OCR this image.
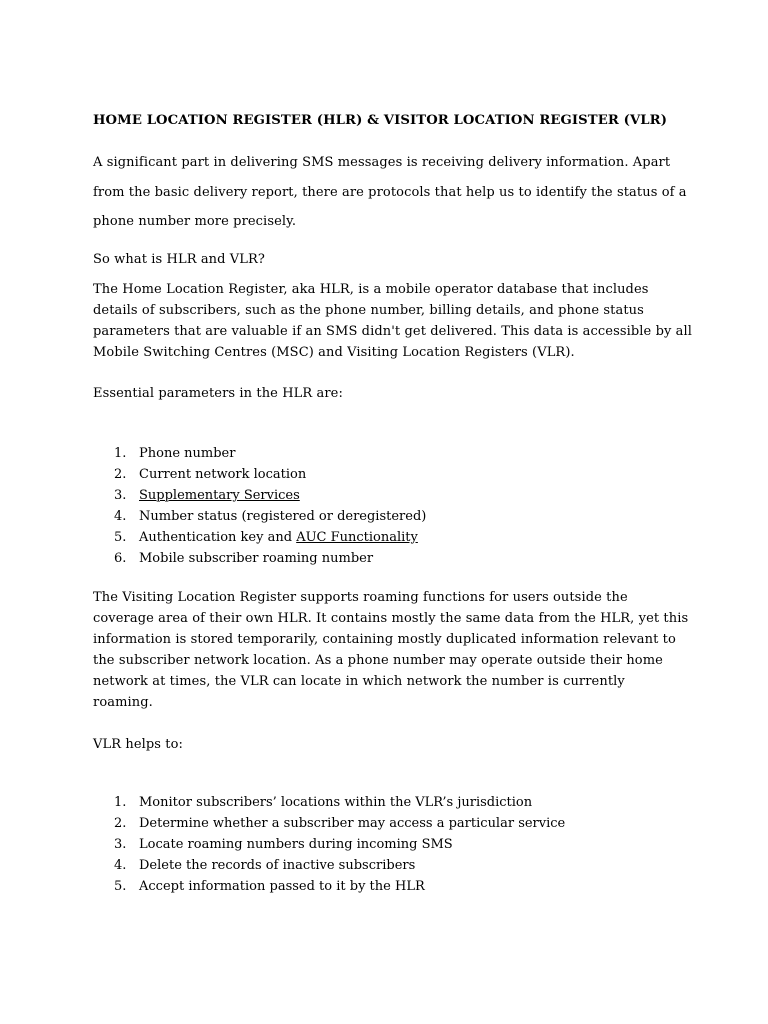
HOME LOCATION REGISTER (HLR) & VISITOR LOCATION REGISTER (VLR)
A significant part in delivering SMS messages is receiving delivery information. Apart
from the basic delivery report, there are protocols that help us to identify the status of a
phone number more precisely.
So what is HLR and VLR?
The Home Location Register, aka HLR, is a mobile operator database that includes
details of subscribers, such as the phone number, billing details, and phone status
parameters that are valuable if an SMS didn't get delivered. This data is accessible by all
Mobile Switching Centres (MSC) and Visiting Location Registers (VLR).
Essential parameters in the HLR are:
1. Phone number
2. Current network location
3. Supplementary Services
4. Number status (registered or deregistered)
5. Authentication key and AUC Functionality
6. Mobile subscriber roaming number
The Visiting Location Register supports roaming functions for users outside the
coverage area of their own HLR. It contains mostly the same data from the HLR, yet this
information is stored temporarily, containing mostly duplicated information relevant to
the subscriber network location. As a phone number may operate outside their home
network at times, the VLR can locate in which network the number is currently
roaming.
VLR helps to:
1. Monitor subscribers’ locations within the VLR’s jurisdiction
2. Determine whether a subscriber may access a particular service
3. Locate roaming numbers during incoming SMS
4. Delete the records of inactive subscribers
5. Accept information passed to it by the HLR
